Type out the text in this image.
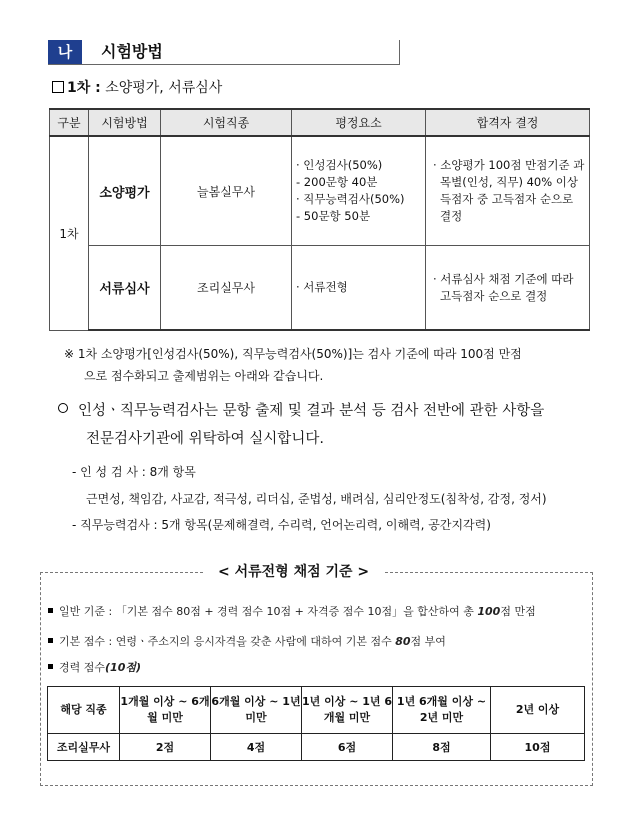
나	시험방법
1차 : 소양평가, 서류심사
구분	시험방법	시험직종	평정요소	합격자 결정
1차	소양평가	늘봄실무사	· 인성검사(50%)
- 200문항 40분
· 직무능력검사(50%)
- 50문항 50분	· 소양평가 100점 만점기준 과목별(인성, 직무) 40% 이상 득점자 중 고득점자 순으로 결정

	서류심사	조리실무사	· 서류전형	· 서류심사 채점 기준에 따라 고득점자 순으로 결정
※ 1차 소양평가[인성검사(50%), 직무능력검사(50%)]는 검사 기준에 따라 100점 만점
으로 점수화되고 출제범위는 아래와 같습니다.
인성ㆍ직무능력검사는 문항 출제 및 결과 분석 등 검사 전반에 관한 사항을
전문검사기관에 위탁하여 실시합니다.
- 인 성 검 사 : 8개 항목
근면성, 책임감, 사교감, 적극성, 리더십, 준법성, 배려심, 심리안정도(침착성, 감정, 정서)
- 직무능력검사 : 5개 항목(문제해결력, 수리력, 언어논리력, 이해력, 공간지각력)
< 서류전형 채점 기준 >
일반 기준 : 「기본 점수 80점 + 경력 점수 10점 + 자격증 점수 10점」을 합산하여 총 100점 만점
기본 점수 : 연령ㆍ주소지의 응시자격을 갖춘 사람에 대하여 기본 점수 80점 부여
경력 점수(10점)
해당 직종	1개월 이상 ~ 6개월 미만	6개월 이상 ~ 1년 미만	1년 이상 ~ 1년 6개월 미만	1년 6개월 이상 ~ 2년 미만	2년 이상
조리실무사	2점	4점	6점	8점	10점
